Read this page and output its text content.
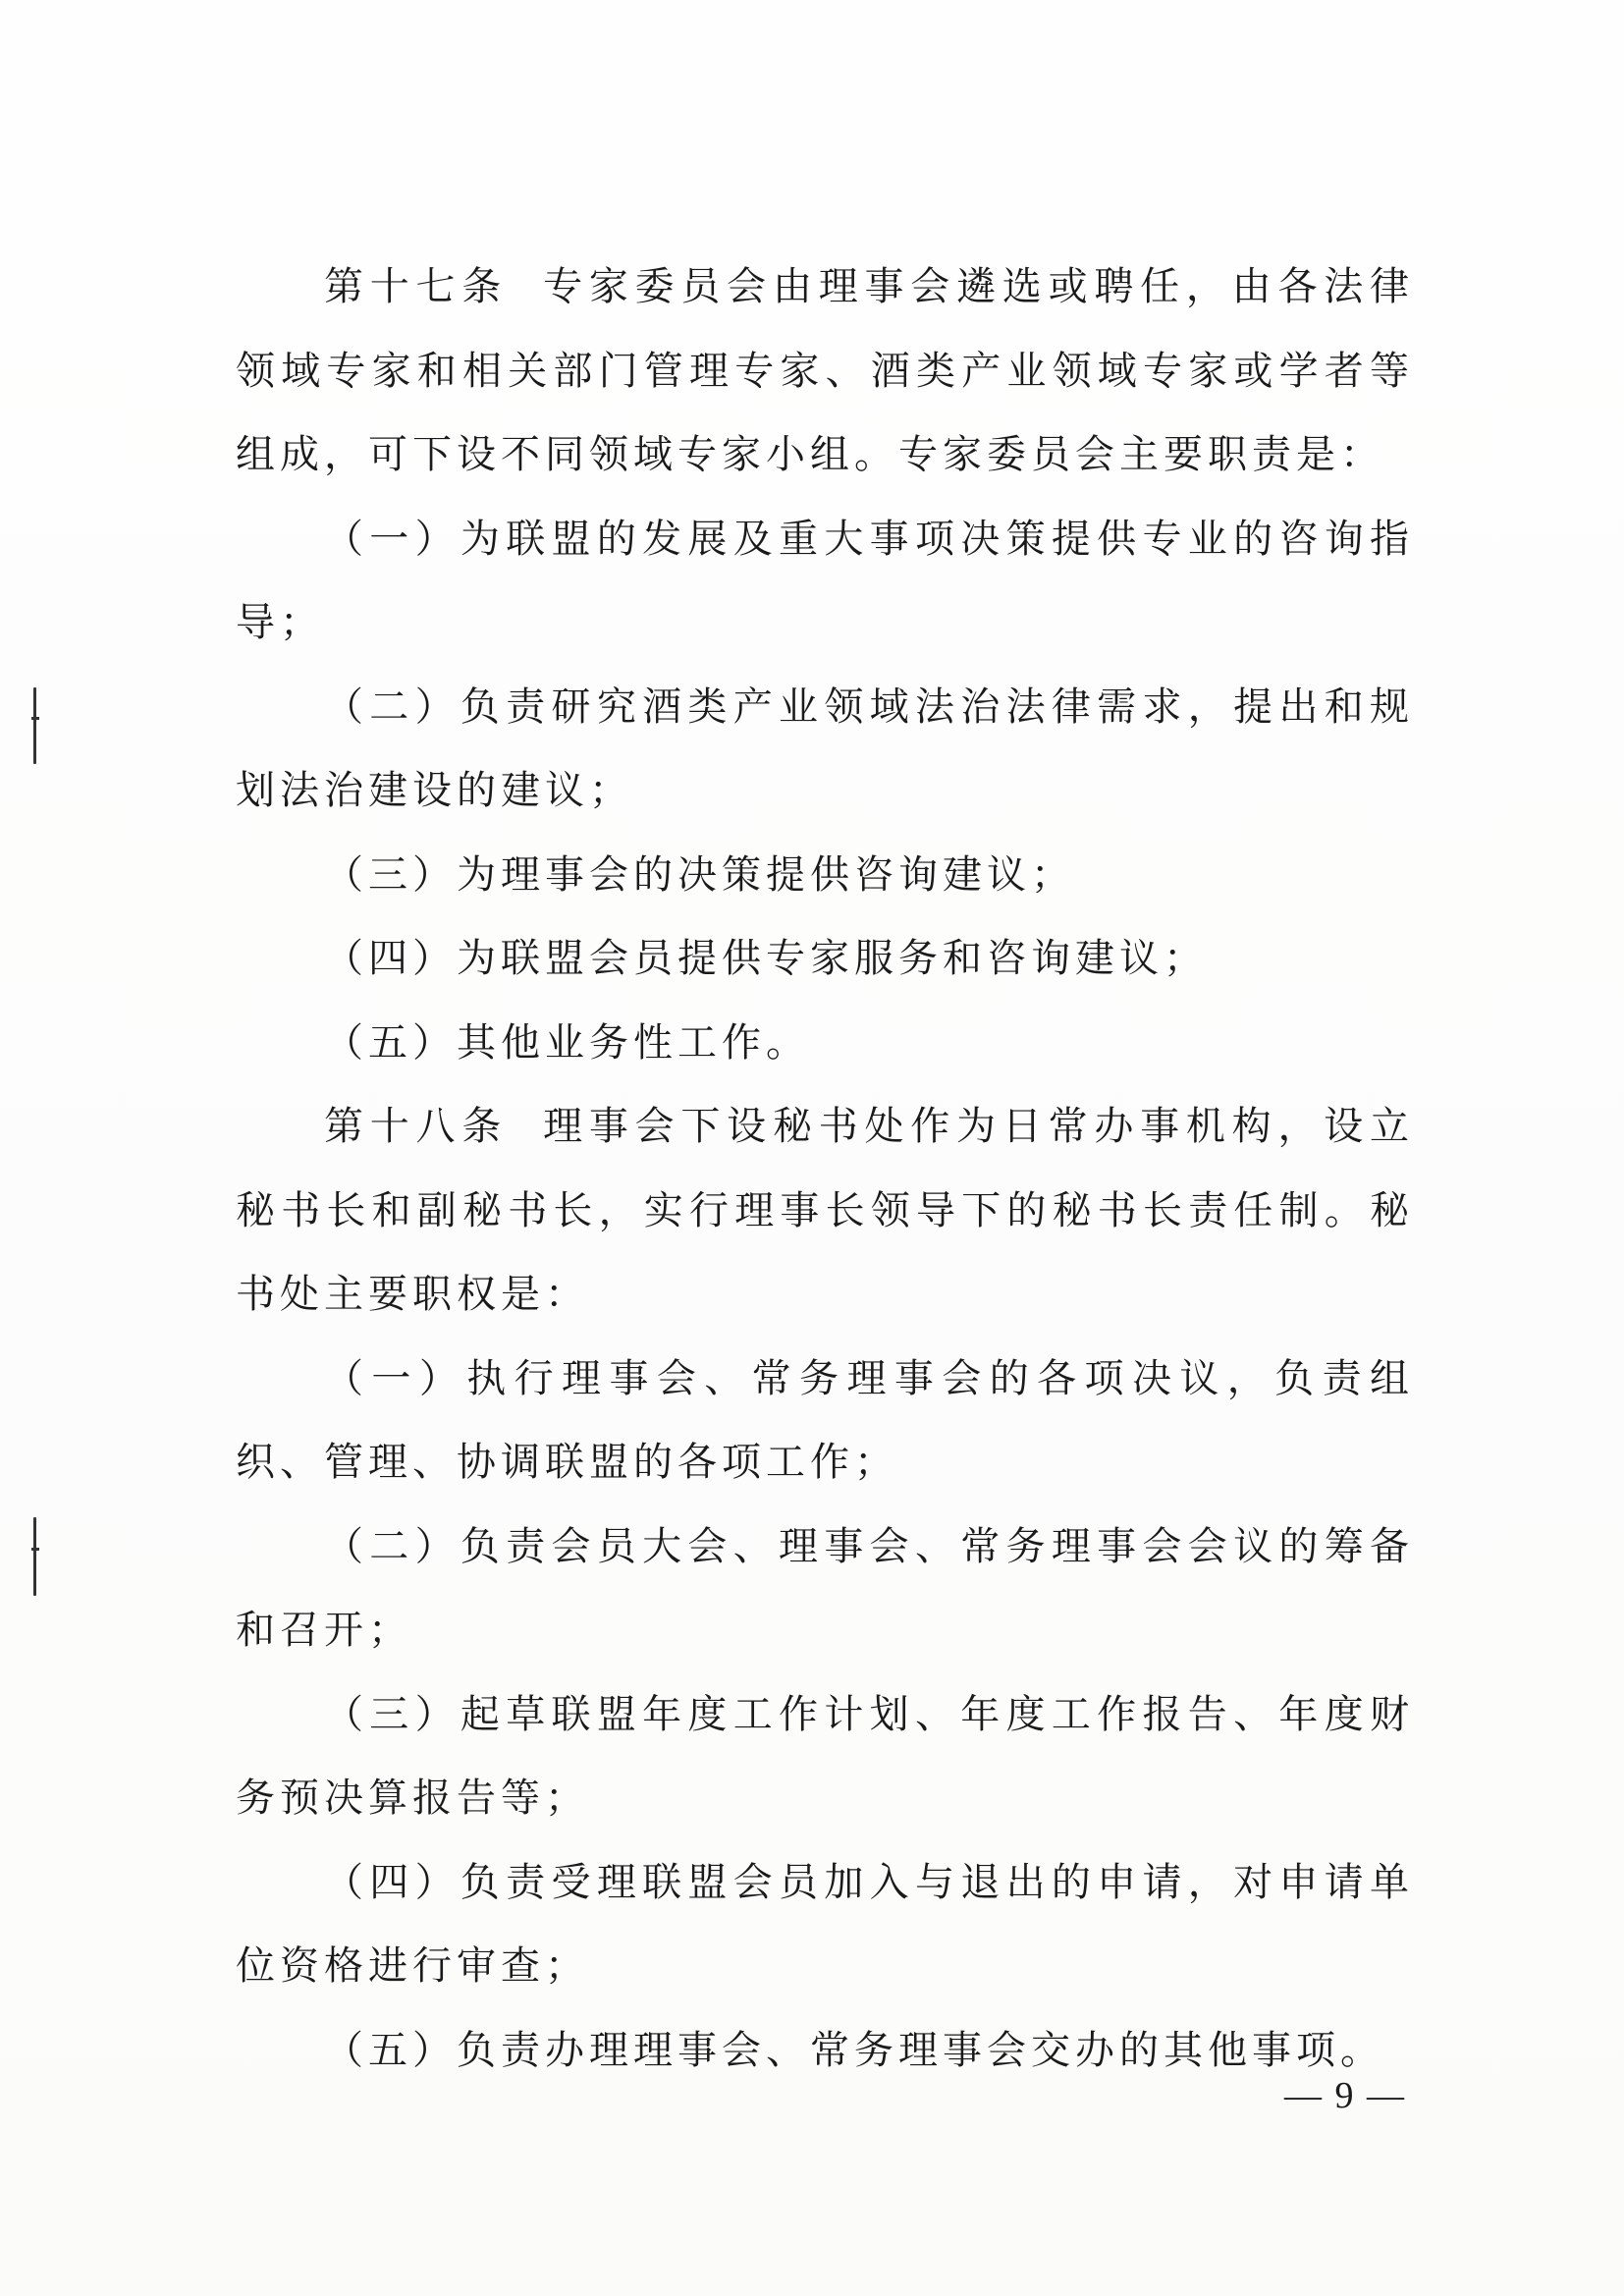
第十七条 专家委员会由理事会遴选或聘任，由各法律领域专家和相关部门管理专家、酒类产业领域专家或学者等组成，可下设不同领域专家小组。专家委员会主要职责是：

（一）为联盟的发展及重大事项决策提供专业的咨询指导；

（二）负责研究酒类产业领域法治法律需求，提出和规划法治建设的建议；

（三）为理事会的决策提供咨询建议；

（四）为联盟会员提供专家服务和咨询建议；

（五）其他业务性工作。

第十八条 理事会下设秘书处作为日常办事机构，设立秘书长和副秘书长，实行理事长领导下的秘书长责任制。秘书处主要职权是：

（一）执行理事会、常务理事会的各项决议，负责组织、管理、协调联盟的各项工作；

（二）负责会员大会、理事会、常务理事会会议的筹备和召开；

（三）起草联盟年度工作计划、年度工作报告、年度财务预决算报告等；

（四）负责受理联盟会员加入与退出的申请，对申请单位资格进行审查；

（五）负责办理理事会、常务理事会交办的其他事项。

— 9 —
